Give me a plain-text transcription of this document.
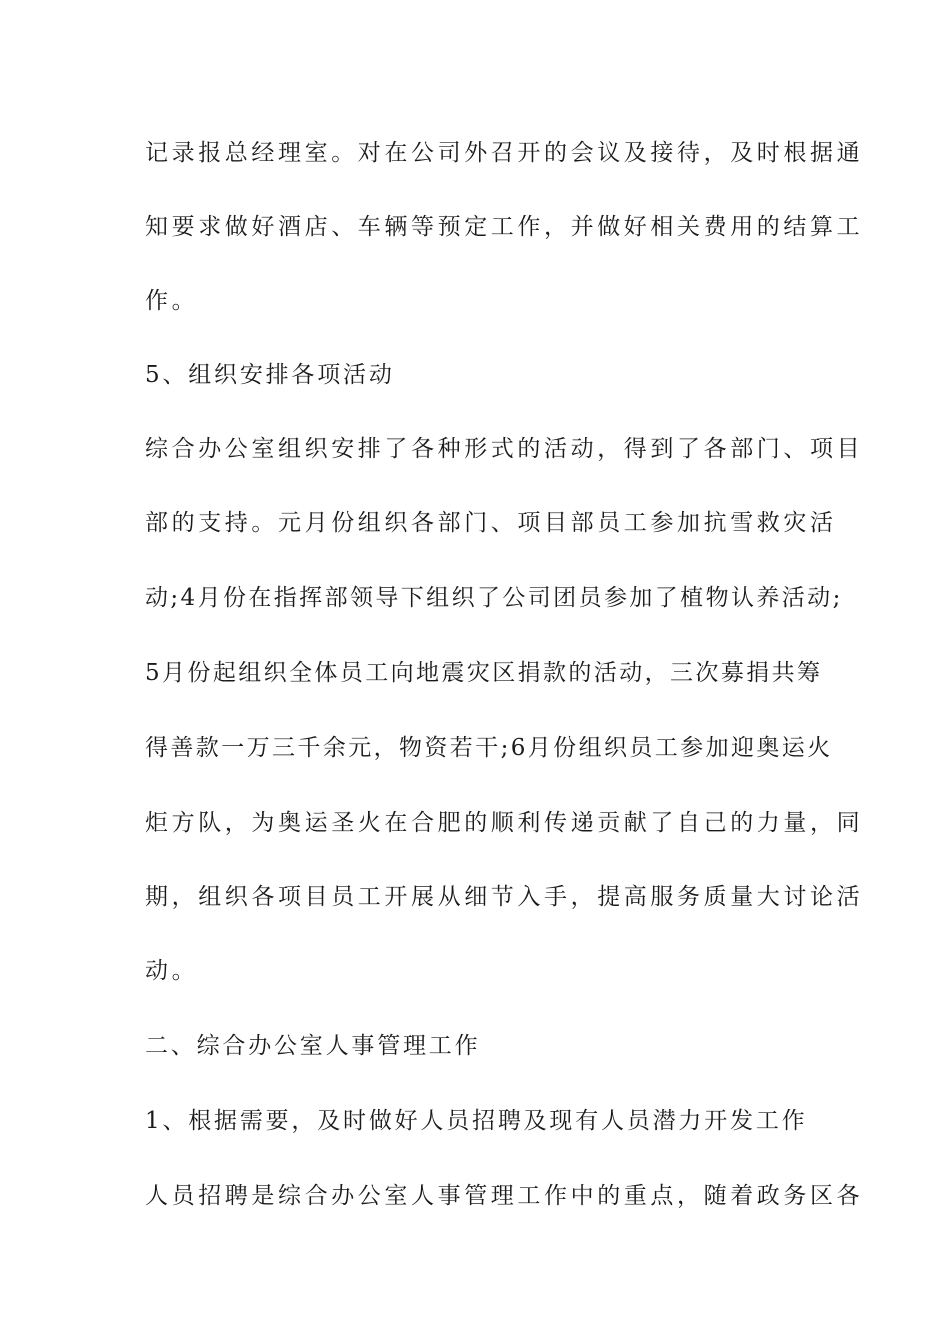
记录报总经理室。对在公司外召开的会议及接待，及时根据通
知要求做好酒店、车辆等预定工作，并做好相关费用的结算工
作。
5、组织安排各项活动
综合办公室组织安排了各种形式的活动，得到了各部门、项目
部的支持。元月份组织各部门、项目部员工参加抗雪救灾活
动;4月份在指挥部领导下组织了公司团员参加了植物认养活动;
5月份起组织全体员工向地震灾区捐款的活动，三次募捐共筹
得善款一万三千余元，物资若干;6月份组织员工参加迎奥运火
炬方队，为奥运圣火在合肥的顺利传递贡献了自己的力量，同
期，组织各项目员工开展从细节入手，提高服务质量大讨论活
动。
二、综合办公室人事管理工作
1、根据需要，及时做好人员招聘及现有人员潜力开发工作
人员招聘是综合办公室人事管理工作中的重点，随着政务区各
